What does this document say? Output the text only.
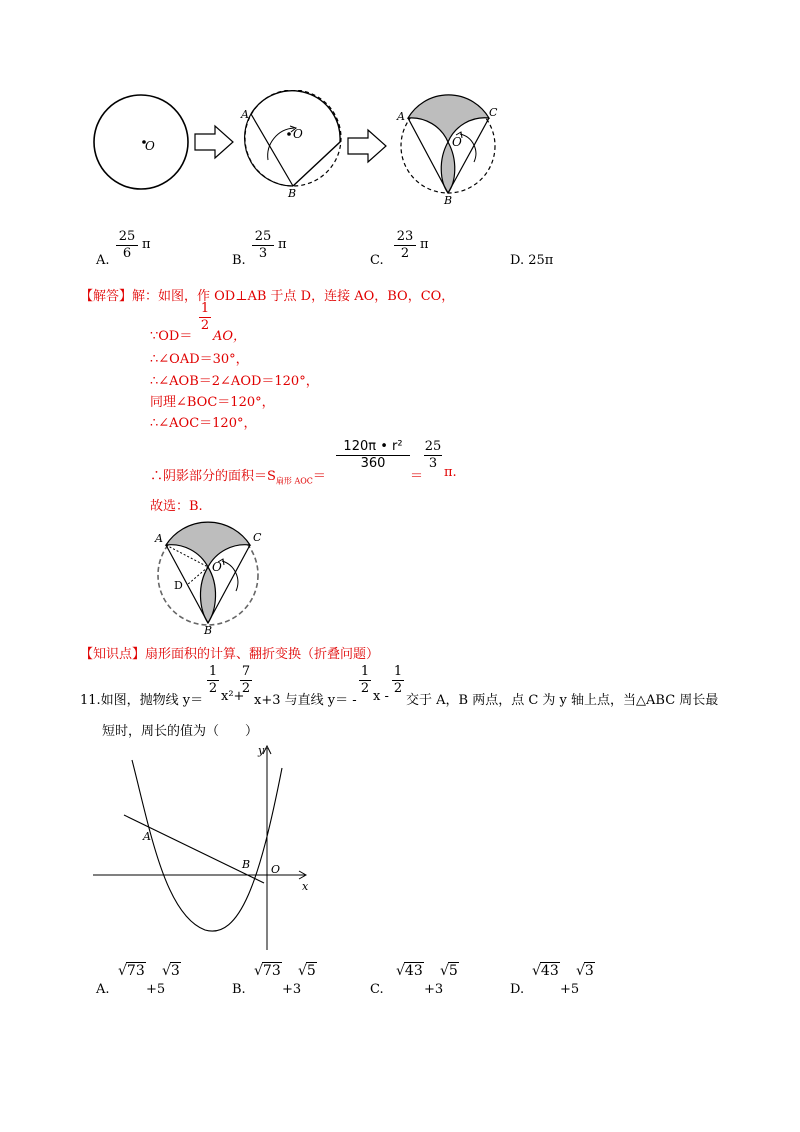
O
A
O
B
A	C
O
B
A.
25
6
π
B.
25
3
π
C.
23
2
π
D. 25π
【解答】解：如图，作 OD⊥AB 于点 D，连接 AO，BO，CO，
∵OD＝
1
2
AO，
∴∠OAD＝30°，
∴∠AOB＝2∠AOD＝120°，
同理∠BOC＝120°，
∴∠AOC＝120°，
∴阴影部分的面积$=S_{扇形 AOC}=$
120π • r²
360
＝
25
3
π.
故选：B.
A	C
O
D
B
【知识点】扇形面积的计算、翻折变换（折叠问题）
11.如图，抛物线 y＝
1
2
x²+
7
2
x+3 与直线 y＝ -
1
2
x -
1
2
交于 A，B 两点，点 C 为 y 轴上点，当△ABC 周长最
短时，周长的值为（　　）
y
x
A
B O
A.
√73
+5
√3
B.
√73
+3
√5
C.
√43
+3
√5
D.
√43
+5
√3
